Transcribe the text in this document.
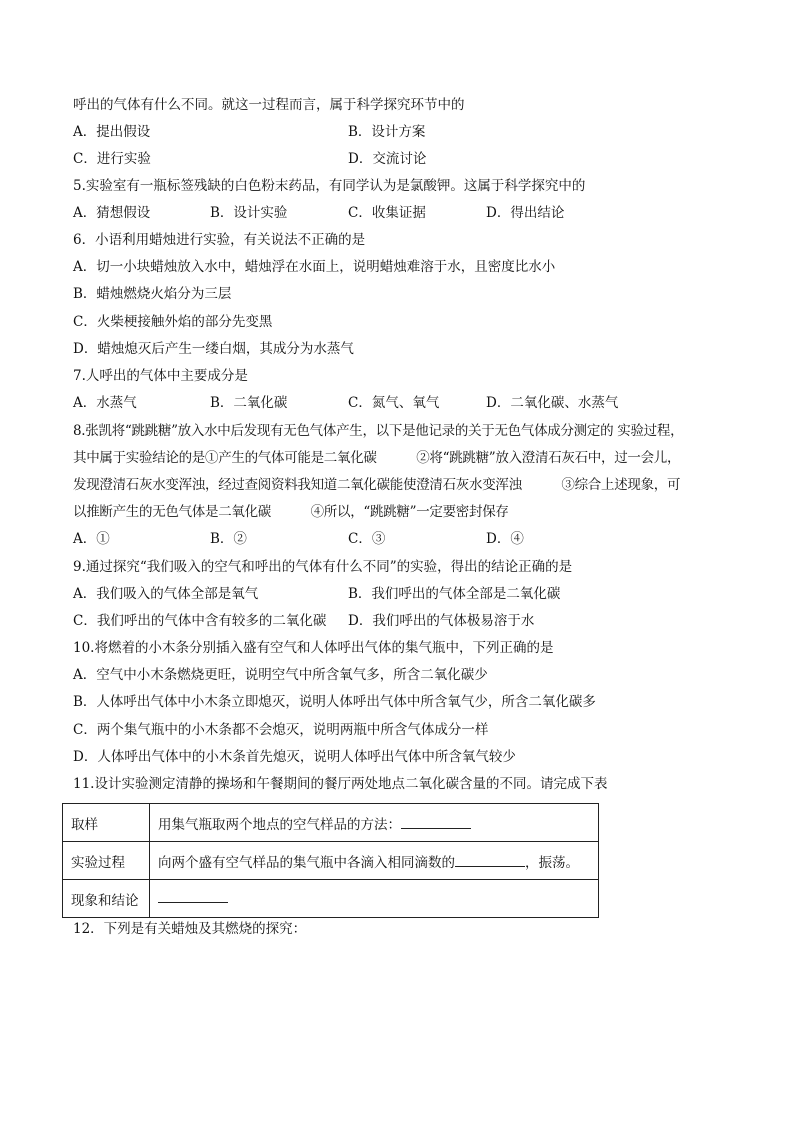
呼出的气体有什么不同。就这一过程而言，属于科学探究环节中的
A．提出假设	B．设计方案
C．进行实验	D．交流讨论
5.实验室有一瓶标签残缺的白色粉末药品，有同学认为是氯酸钾。这属于科学探究中的
A．猜想假设	B．设计实验	C．收集证据	D．得出结论
6．小语利用蜡烛进行实验，有关说法不正确的是
A．切一小块蜡烛放入水中，蜡烛浮在水面上，说明蜡烛难溶于水，且密度比水小
B．蜡烛燃烧火焰分为三层
C．火柴梗接触外焰的部分先变黑
D．蜡烛熄灭后产生一缕白烟，其成分为水蒸气
7.人呼出的气体中主要成分是
A．水蒸气	B．二氧化碳	C．氮气、氧气	D．二氧化碳、水蒸气
8.张凯将“跳跳糖”放入水中后发现有无色气体产生，以下是他记录的关于无色气体成分测定的 实验过程，
其中属于实验结论的是①产生的气体可能是二氧化碳　　　②将“跳跳糖”放入澄清石灰石中，过一会儿，
发现澄清石灰水变浑浊，经过查阅资料我知道二氧化碳能使澄清石灰水变浑浊　　　③综合上述现象，可
以推断产生的无色气体是二氧化碳　　　④所以，“跳跳糖”一定要密封保存
A．①	B．②	C．③	D．④
9.通过探究“我们吸入的空气和呼出的气体有什么不同”的实验，得出的结论正确的是
A．我们吸入的气体全部是氧气	B．我们呼出的气体全部是二氧化碳
C．我们呼出的气体中含有较多的二氧化碳 D．我们呼出的气体极易溶于水
10.将燃着的小木条分别插入盛有空气和人体呼出气体的集气瓶中，下列正确的是
A．空气中小木条燃烧更旺，说明空气中所含氧气多，所含二氧化碳少
B．人体呼出气体中小木条立即熄灭，说明人体呼出气体中所含氧气少，所含二氧化碳多
C．两个集气瓶中的小木条都不会熄灭，说明两瓶中所含气体成分一样
D．人体呼出气体中的小木条首先熄灭，说明人体呼出气体中所含氧气较少
11.设计实验测定清静的操场和午餐期间的餐厅两处地点二氧化碳含量的不同。请完成下表
取样	用集气瓶取两个地点的空气样品的方法：
实验过程	向两个盛有空气样品的集气瓶中各滴入相同滴数的 ，振荡。
现象和结论	
12．下列是有关蜡烛及其燃烧的探究：
